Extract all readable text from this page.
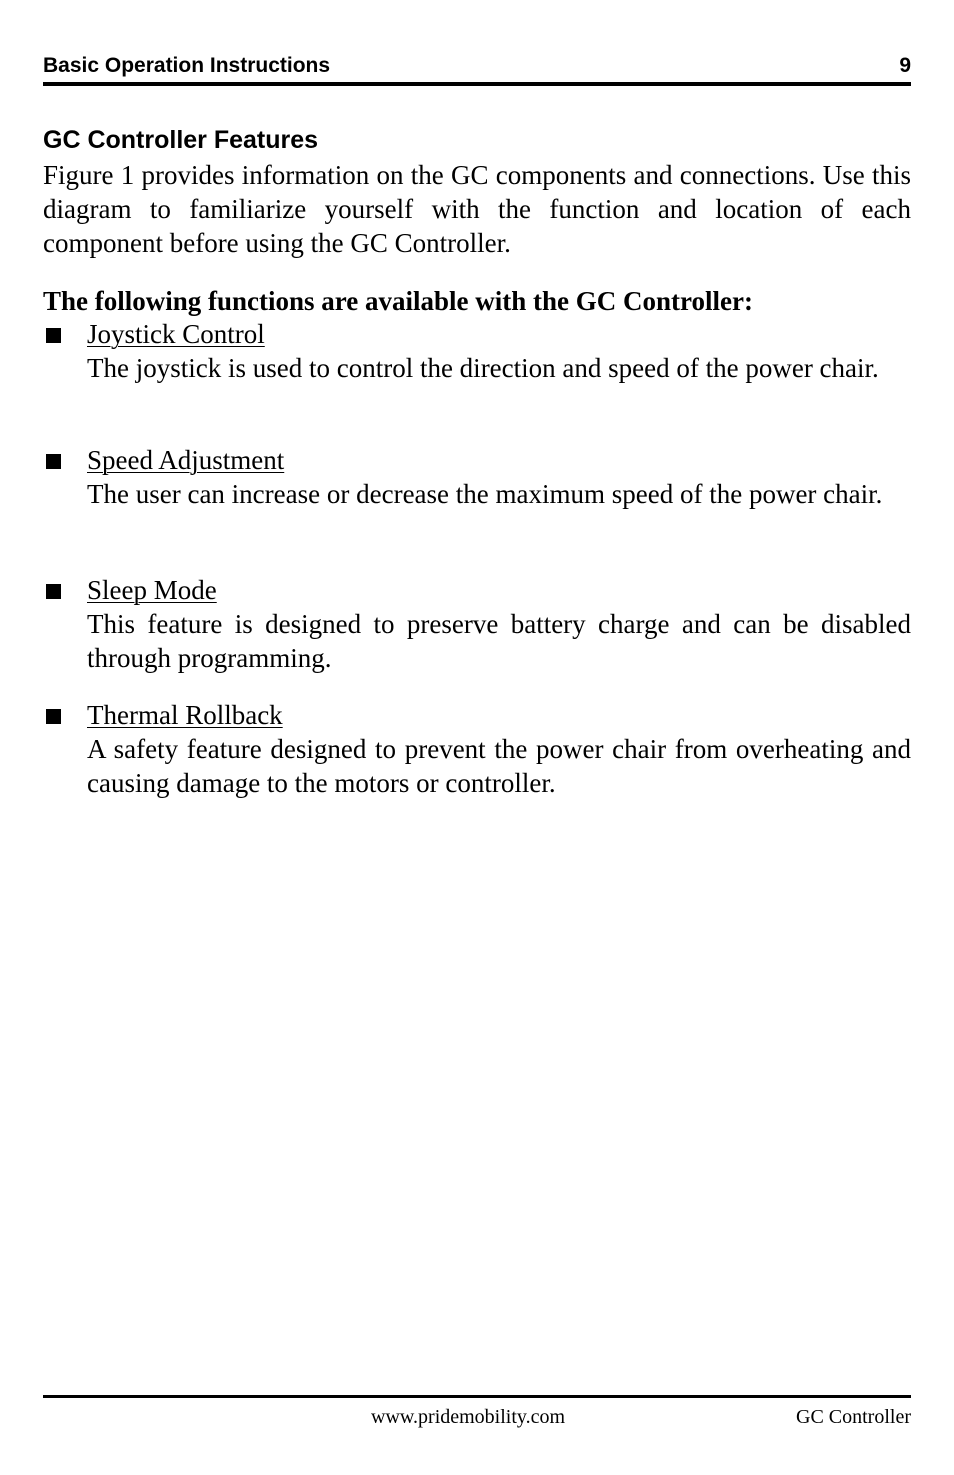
Basic Operation Instructions	9
GC Controller Features

Figure 1 provides information on the GC components and connections. Use this diagram to familiarize yourself with the function and location of each component before using the GC Controller.

The following functions are available with the GC Controller:

Joystick Control

The joystick is used to control the direction and speed of the power chair.

Speed Adjustment

The user can increase or decrease the maximum speed of the power chair.

Sleep Mode

This feature is designed to preserve battery charge and can be disabled through programming.

Thermal Rollback

A safety feature designed to prevent the power chair from overheating and causing damage to the motors or controller.

www.pridemobility.com	GC Controller
